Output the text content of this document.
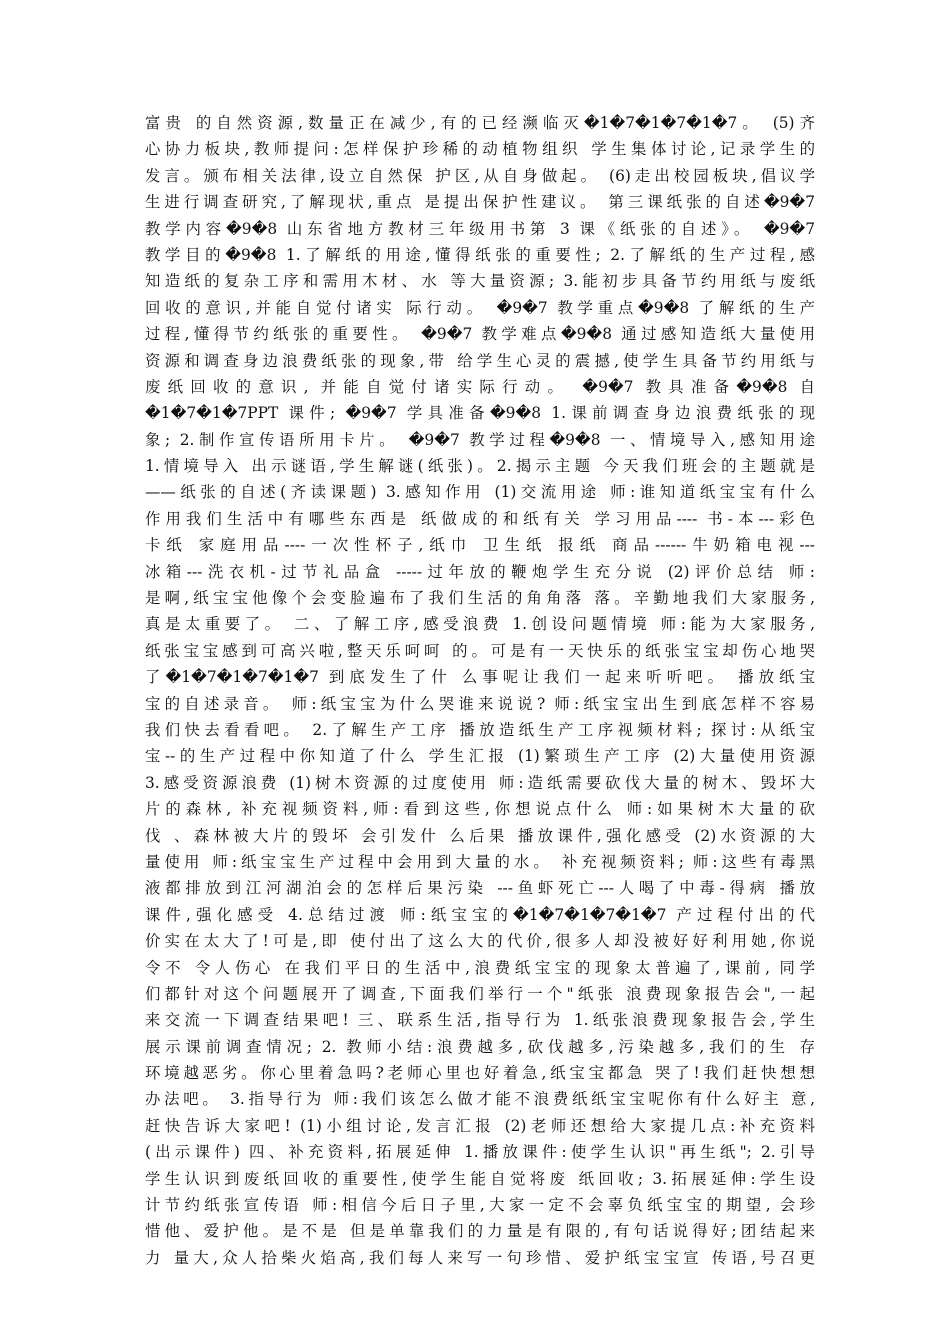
富贵 的自然资源,数量正在减少,有的已经濒临灭�1�7�1�7�1�7。 (5)齐
心协力板块,教师提问:怎样保护珍稀的动植物组织 学生集体讨论,记录学生的
发言。颁布相关法律,设立自然保 护区,从自身做起。 (6)走出校园板块,倡议学
生进行调查研究,了解现状,重点 是提出保护性建议。 第三课纸张的自述�9�7
教学内容�9�8 山东省地方教材三年级用书第 3 课《纸张的自述》。 �9�7
教学目的�9�8 1.了解纸的用途,懂得纸张的重要性; 2.了解纸的生产过程,感
知造纸的复杂工序和需用木材、水 等大量资源; 3.能初步具备节约用纸与废纸
回收的意识,并能自觉付诸实 际行动。 �9�7 教学重点�9�8 了解纸的生产
过程,懂得节约纸张的重要性。 �9�7 教学难点�9�8 通过感知造纸大量使用
资源和调查身边浪费纸张的现象,带 给学生心灵的震撼,使学生具备节约用纸与
废纸回收的意识, 并能自觉付诸实际行动。 �9�7 教具准备�9�8 自
�1�7�1�7PPT 课件; �9�7 学具准备�9�8 1.课前调查身边浪费纸张的现
象; 2.制作宣传语所用卡片。 �9�7 教学过程�9�8 一、情境导入,感知用途
1.情境导入 出示谜语,学生解谜(纸张)。2.揭示主题 今天我们班会的主题就是
——纸张的自述(齐读课题) 3.感知作用 (1)交流用途 师:谁知道纸宝宝有什么
作用我们生活中有哪些东西是 纸做成的和纸有关 学习用品---- 书-本---彩色
卡纸 家庭用品----一次性杯子,纸巾 卫生纸 报纸 商品------牛奶箱电视---
冰箱---洗衣机-过节礼品盒 -----过年放的鞭炮学生充分说 (2)评价总结 师:
是啊,纸宝宝他像个会变脸遍布了我们生活的角角落 落。辛勤地我们大家服务,
真是太重要了。 二、了解工序,感受浪费 1.创设问题情境 师:能为大家服务,
纸张宝宝感到可高兴啦,整天乐呵呵 的。可是有一天快乐的纸张宝宝却伤心地哭
了�1�7�1�7�1�7 到底发生了什 么事呢让我们一起来听听吧。 播放纸宝
宝的自述录音。 师:纸宝宝为什么哭谁来说说? 师:纸宝宝出生到底怎样不容易
我们快去看看吧。 2.了解生产工序 播放造纸生产工序视频材料; 探讨:从纸宝
宝--的生产过程中你知道了什么 学生汇报 (1)繁琐生产工序 (2)大量使用资源
3.感受资源浪费 (1)树木资源的过度使用 师:造纸需要砍伐大量的树木、毁坏大
片的森林, 补充视频资料,师:看到这些,你想说点什么 师:如果树木大量的砍
伐 、森林被大片的毁坏 会引发什 么后果 播放课件,强化感受 (2)水资源的大
量使用 师:纸宝宝生产过程中会用到大量的水。 补充视频资料; 师:这些有毒黑
液都排放到江河湖泊会的怎样后果污染 ---鱼虾死亡---人喝了中毒-得病 播放
课件,强化感受 4.总结过渡 师:纸宝宝的�1�7�1�7�1�7 产过程付出的代
价实在太大了!可是,即 使付出了这么大的代价,很多人却没被好好利用她,你说
令不 令人伤心 在我们平日的生活中,浪费纸宝宝的现象太普遍了,课前, 同学
们都针对这个问题展开了调查,下面我们举行一个"纸张 浪费现象报告会",一起
来交流一下调查结果吧! 三、联系生活,指导行为 1.纸张浪费现象报告会,学生
展示课前调查情况; 2. 教师小结:浪费越多,砍伐越多,污染越多,我们的生 存
环境越恶劣。你心里着急吗?老师心里也好着急,纸宝宝都急 哭了!我们赶快想想
办法吧。 3.指导行为 师:我们该怎么做才能不浪费纸纸宝宝呢你有什么好主 意,
赶快告诉大家吧! (1)小组讨论,发言汇报 (2)老师还想给大家提几点:补充资料
(出示课件) 四、补充资料,拓展延伸 1.播放课件:使学生认识"再生纸"; 2.引导
学生认识到废纸回收的重要性,使学生能自觉将废 纸回收; 3.拓展延伸:学生设
计节约纸张宣传语 师:相信今后日子里,大家一定不会辜负纸宝宝的期望, 会珍
惜他、爱护他。是不是 但是单靠我们的力量是有限的,有句话说得好;团结起来
力 量大,众人拾柴火焰高,我们每人来写一句珍惜、爱护纸宝宝宣 传语,号召更
